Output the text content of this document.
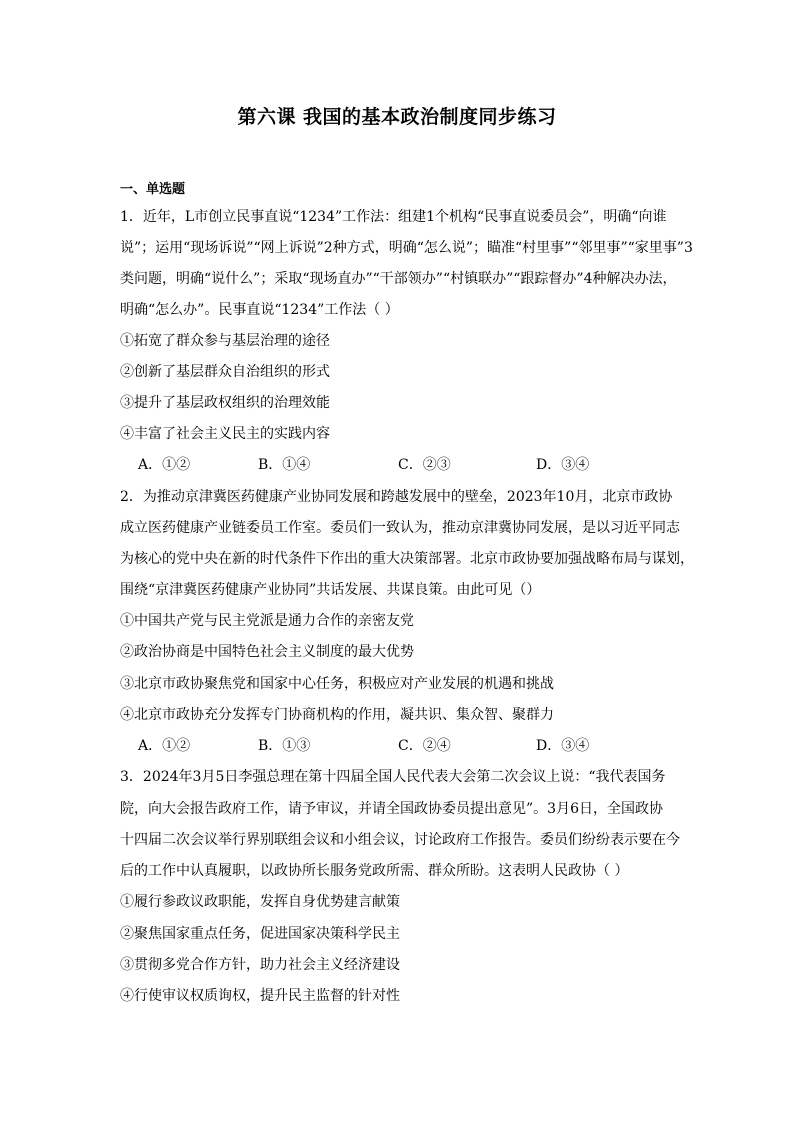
第六课 我国的基本政治制度同步练习
一、单选题
1．近年，L市创立民事直说“1234”工作法：组建1个机构“民事直说委员会”，明确“向谁
说”；运用“现场诉说”“网上诉说”2种方式，明确“怎么说”；瞄准“村里事”“邻里事”“家里事”3
类问题，明确“说什么”；采取“现场直办”“干部领办”“村镇联办”“跟踪督办”4种解决办法，
明确“怎么办”。民事直说“1234”工作法（ ）
①拓宽了群众参与基层治理的途径
②创新了基层群众自治组织的形式
③提升了基层政权组织的治理效能
④丰富了社会主义民主的实践内容
A．①②	B．①④	C．②③	D．③④
2．为推动京津冀医药健康产业协同发展和跨越发展中的壁垒，2023年10月，北京市政协
成立医药健康产业链委员工作室。委员们一致认为，推动京津冀协同发展，是以习近平同志
为核心的党中央在新的时代条件下作出的重大决策部署。北京市政协要加强战略布局与谋划，
围绕“京津冀医药健康产业协同”共话发展、共谋良策。由此可见（）
①中国共产党与民主党派是通力合作的亲密友党
②政治协商是中国特色社会主义制度的最大优势
③北京市政协聚焦党和国家中心任务，积极应对产业发展的机遇和挑战
④北京市政协充分发挥专门协商机构的作用，凝共识、集众智、聚群力
A．①②	B．①③	C．②④	D．③④
3．2024年3月5日李强总理在第十四届全国人民代表大会第二次会议上说：“我代表国务
院，向大会报告政府工作，请予审议，并请全国政协委员提出意见”。3月6日，全国政协
十四届二次会议举行界别联组会议和小组会议，讨论政府工作报告。委员们纷纷表示要在今
后的工作中认真履职，以政协所长服务党政所需、群众所盼。这表明人民政协（ ）
①履行参政议政职能，发挥自身优势建言献策
②聚焦国家重点任务，促进国家决策科学民主
③贯彻多党合作方针，助力社会主义经济建设
④行使审议权质询权，提升民主监督的针对性
